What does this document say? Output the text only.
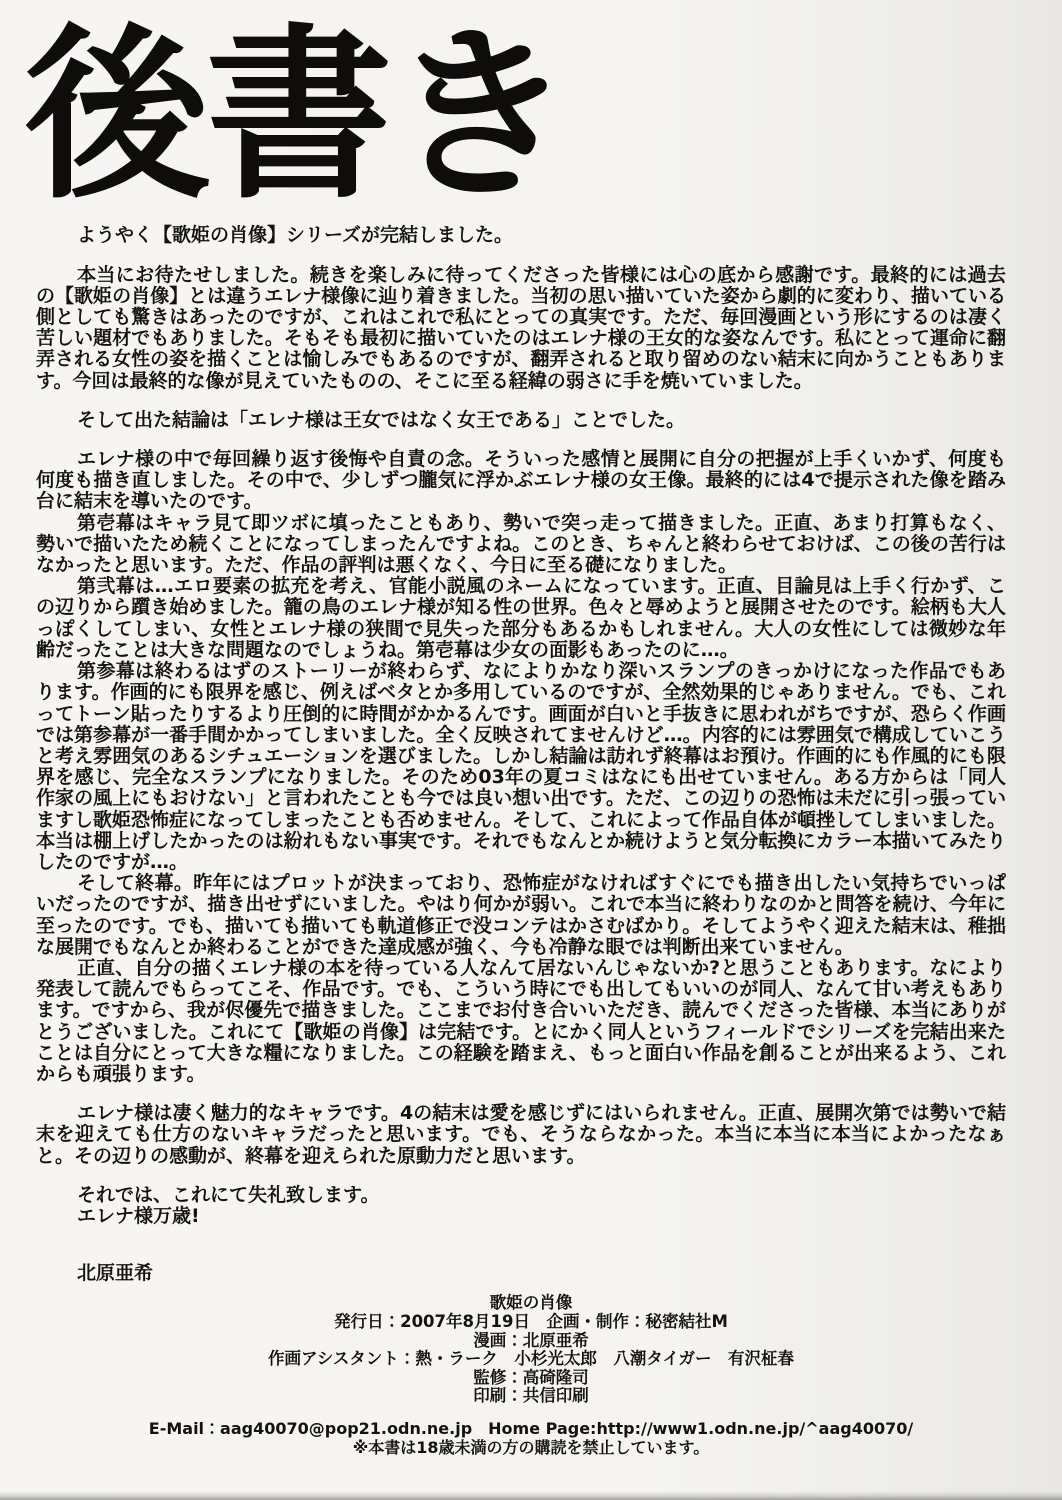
後書き

ようやく【歌姫の肖像】シリーズが完結しました。

本当にお待たせしました。続きを楽しみに待ってくださった皆様には心の底から感謝です。最終的には過去の【歌姫の肖像】とは違うエレナ様像に辿り着きました。当初の思い描いていた姿から劇的に変わり、描いている側としても驚きはあったのですが、これはこれで私にとっての真実です。ただ、毎回漫画という形にするのは凄く苦しい題材でもありました。そもそも最初に描いていたのはエレナ様の王女的な姿なんです。私にとって運命に翻弄される女性の姿を描くことは愉しみでもあるのですが、翻弄されると取り留めのない結末に向かうこともあります。今回は最終的な像が見えていたものの、そこに至る経緯の弱さに手を焼いていました。

そして出た結論は「エレナ様は王女ではなく女王である」ことでした。

エレナ様の中で毎回繰り返す後悔や自責の念。そういった感情と展開に自分の把握が上手くいかず、何度も何度も描き直しました。その中で、少しずつ朧気に浮かぶエレナ様の女王像。最終的には4で提示された像を踏み台に結末を導いたのです。

第壱幕はキャラ見て即ツボに填ったこともあり、勢いで突っ走って描きました。正直、あまり打算もなく、勢いで描いたため続くことになってしまったんですよね。このとき、ちゃんと終わらせておけば、この後の苦行はなかったと思います。ただ、作品の評判は悪くなく、今日に至る礎になりました。

第弐幕は…エロ要素の拡充を考え、官能小説風のネームになっています。正直、目論見は上手く行かず、この辺りから躓き始めました。籠の鳥のエレナ様が知る性の世界。色々と辱めようと展開させたのです。絵柄も大人っぽくしてしまい、女性とエレナ様の狭間で見失った部分もあるかもしれません。大人の女性にしては微妙な年齢だったことは大きな問題なのでしょうね。第壱幕は少女の面影もあったのに…。

第参幕は終わるはずのストーリーが終わらず、なによりかなり深いスランプのきっかけになった作品でもあります。作画的にも限界を感じ、例えばベタとか多用しているのですが、全然効果的じゃありません。でも、これってトーン貼ったりするより圧倒的に時間がかかるんです。画面が白いと手抜きに思われがちですが、恐らく作画では第参幕が一番手間かかってしまいました。全く反映されてませんけど…。内容的には雰囲気で構成していこうと考え雰囲気のあるシチュエーションを選びました。しかし結論は訪れず終幕はお預け。作画的にも作風的にも限界を感じ、完全なスランプになりました。そのため03年の夏コミはなにも出せていません。ある方からは「同人作家の風上にもおけない」と言われたことも今では良い想い出です。ただ、この辺りの恐怖は未だに引っ張っていますし歌姫恐怖症になってしまったことも否めません。そして、これによって作品自体が頓挫してしまいました。本当は棚上げしたかったのは紛れもない事実です。それでもなんとか続けようと気分転換にカラー本描いてみたりしたのですが…。

そして終幕。昨年にはプロットが決まっており、恐怖症がなければすぐにでも描き出したい気持ちでいっぱいだったのですが、描き出せずにいました。やはり何かが弱い。これで本当に終わりなのかと問答を続け、今年に至ったのです。でも、描いても描いても軌道修正で没コンテはかさむばかり。そしてようやく迎えた結末は、稚拙な展開でもなんとか終わることができた達成感が強く、今も冷静な眼では判断出来ていません。

正直、自分の描くエレナ様の本を待っている人なんて居ないんじゃないか?と思うこともあります。なにより発表して読んでもらってこそ、作品です。でも、こういう時にでも出してもいいのが同人、なんて甘い考えもあります。ですから、我が侭優先で描きました。ここまでお付き合いいただき、読んでくださった皆様、本当にありがとうございました。これにて【歌姫の肖像】は完結です。とにかく同人というフィールドでシリーズを完結出来たことは自分にとって大きな糧になりました。この経験を踏まえ、もっと面白い作品を創ることが出来るよう、これからも頑張ります。

エレナ様は凄く魅力的なキャラです。4の結末は愛を感じずにはいられません。正直、展開次第では勢いで結末を迎えても仕方のないキャラだったと思います。でも、そうならなかった。本当に本当に本当によかったなぁと。その辺りの感動が、終幕を迎えられた原動力だと思います。

それでは、これにて失礼致します。

エレナ様万歳!

北原亜希

歌姫の肖像
発行日：2007年8月19日　企画・制作：秘密結社M
漫画：北原亜希
作画アシスタント：熱・ラーク　小杉光太郎　八潮タイガー　有沢柾春
監修：高碕隆司
印刷：共信印刷
E-Mail：aag40070@pop21.odn.ne.jp　Home Page:http://www1.odn.ne.jp/^aag40070/
※本書は18歳未満の方の購読を禁止しています。
